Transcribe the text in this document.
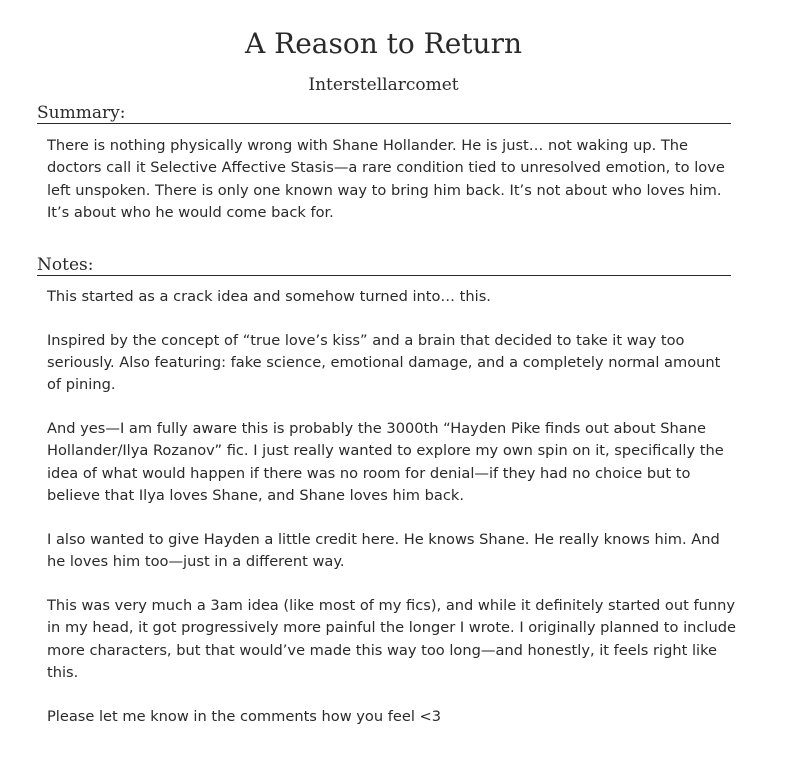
A Reason to Return
Interstellarcomet
Summary:

There is nothing physically wrong with Shane Hollander. He is just… not waking up. The doctors call it Selective Affective Stasis—a rare condition tied to unresolved emotion, to love left unspoken. There is only one known way to bring him back. It’s not about who loves him. It’s about who he would come back for.

Notes:

This started as a crack idea and somehow turned into… this.

Inspired by the concept of “true love’s kiss” and a brain that decided to take it way too seriously. Also featuring: fake science, emotional damage, and a completely normal amount of pining.

And yes—I am fully aware this is probably the 3000th “Hayden Pike finds out about Shane Hollander/Ilya Rozanov” fic. I just really wanted to explore my own spin on it, specifically the idea of what would happen if there was no room for denial—if they had no choice but to believe that Ilya loves Shane, and Shane loves him back.

I also wanted to give Hayden a little credit here. He knows Shane. He really knows him. And he loves him too—just in a different way.

This was very much a 3am idea (like most of my fics), and while it definitely started out funny in my head, it got progressively more painful the longer I wrote. I originally planned to include more characters, but that would’ve made this way too long—and honestly, it feels right like this.

Please let me know in the comments how you feel <3
